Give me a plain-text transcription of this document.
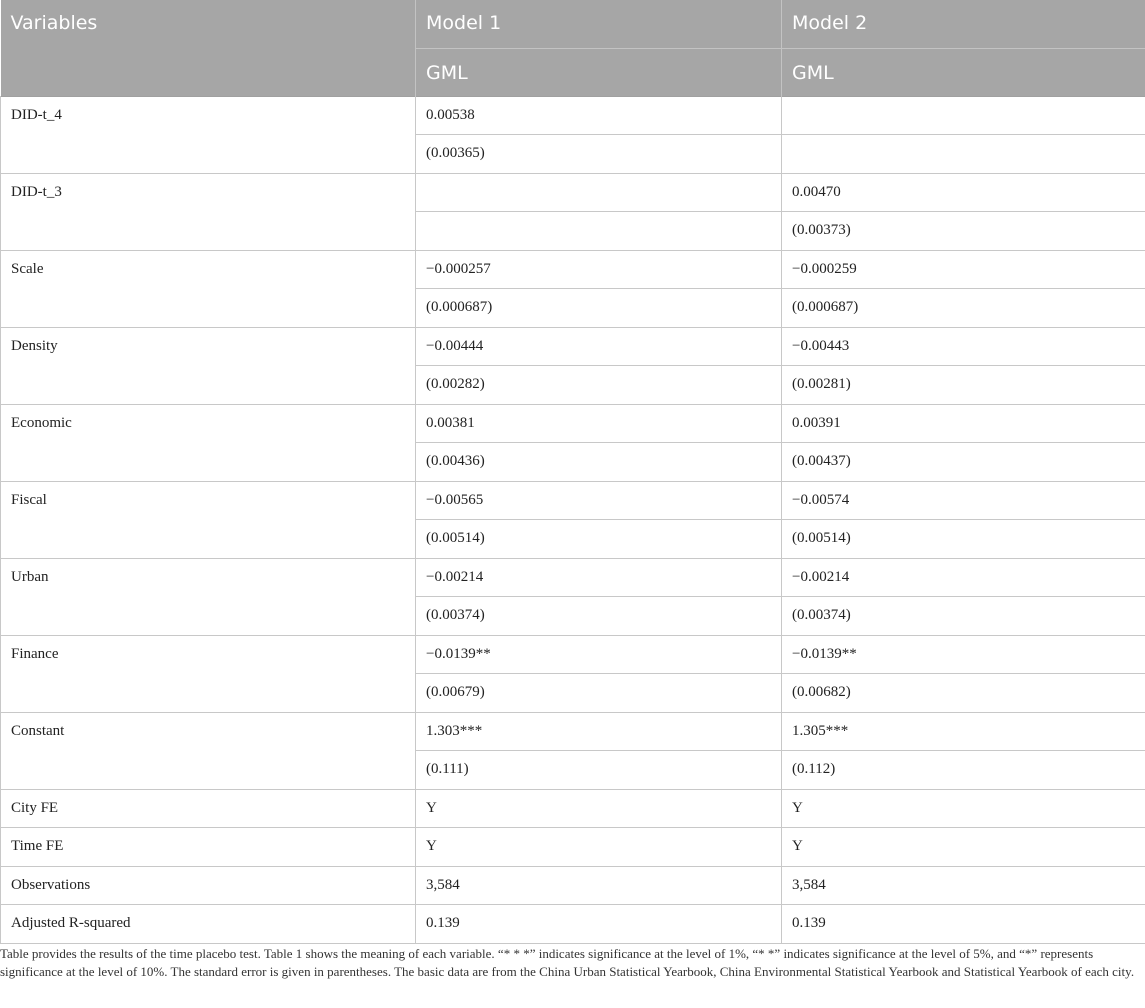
Variables	Model 1	Model 2
	GML	GML
DID-t_4	0.00538	
	(0.00365)	
DID-t_3		0.00470
		(0.00373)
Scale	−0.000257	−0.000259
	(0.000687)	(0.000687)
Density	−0.00444	−0.00443
	(0.00282)	(0.00281)
Economic	0.00381	0.00391
	(0.00436)	(0.00437)
Fiscal	−0.00565	−0.00574
	(0.00514)	(0.00514)
Urban	−0.00214	−0.00214
	(0.00374)	(0.00374)
Finance	−0.0139**	−0.0139**
	(0.00679)	(0.00682)
Constant	1.303***	1.305***
	(0.111)	(0.112)
City FE	Y	Y
Time FE	Y	Y
Observations	3,584	3,584
Adjusted R-squared	0.139	0.139

Table provides the results of the time placebo test. Table 1 shows the meaning of each variable. “* * *” indicates significance at the level of 1%, “* *” indicates significance at the level of 5%, and “*” represents significance at the level of 10%. The standard error is given in parentheses. The basic data are from the China Urban Statistical Yearbook, China Environmental Statistical Yearbook and Statistical Yearbook of each city.
